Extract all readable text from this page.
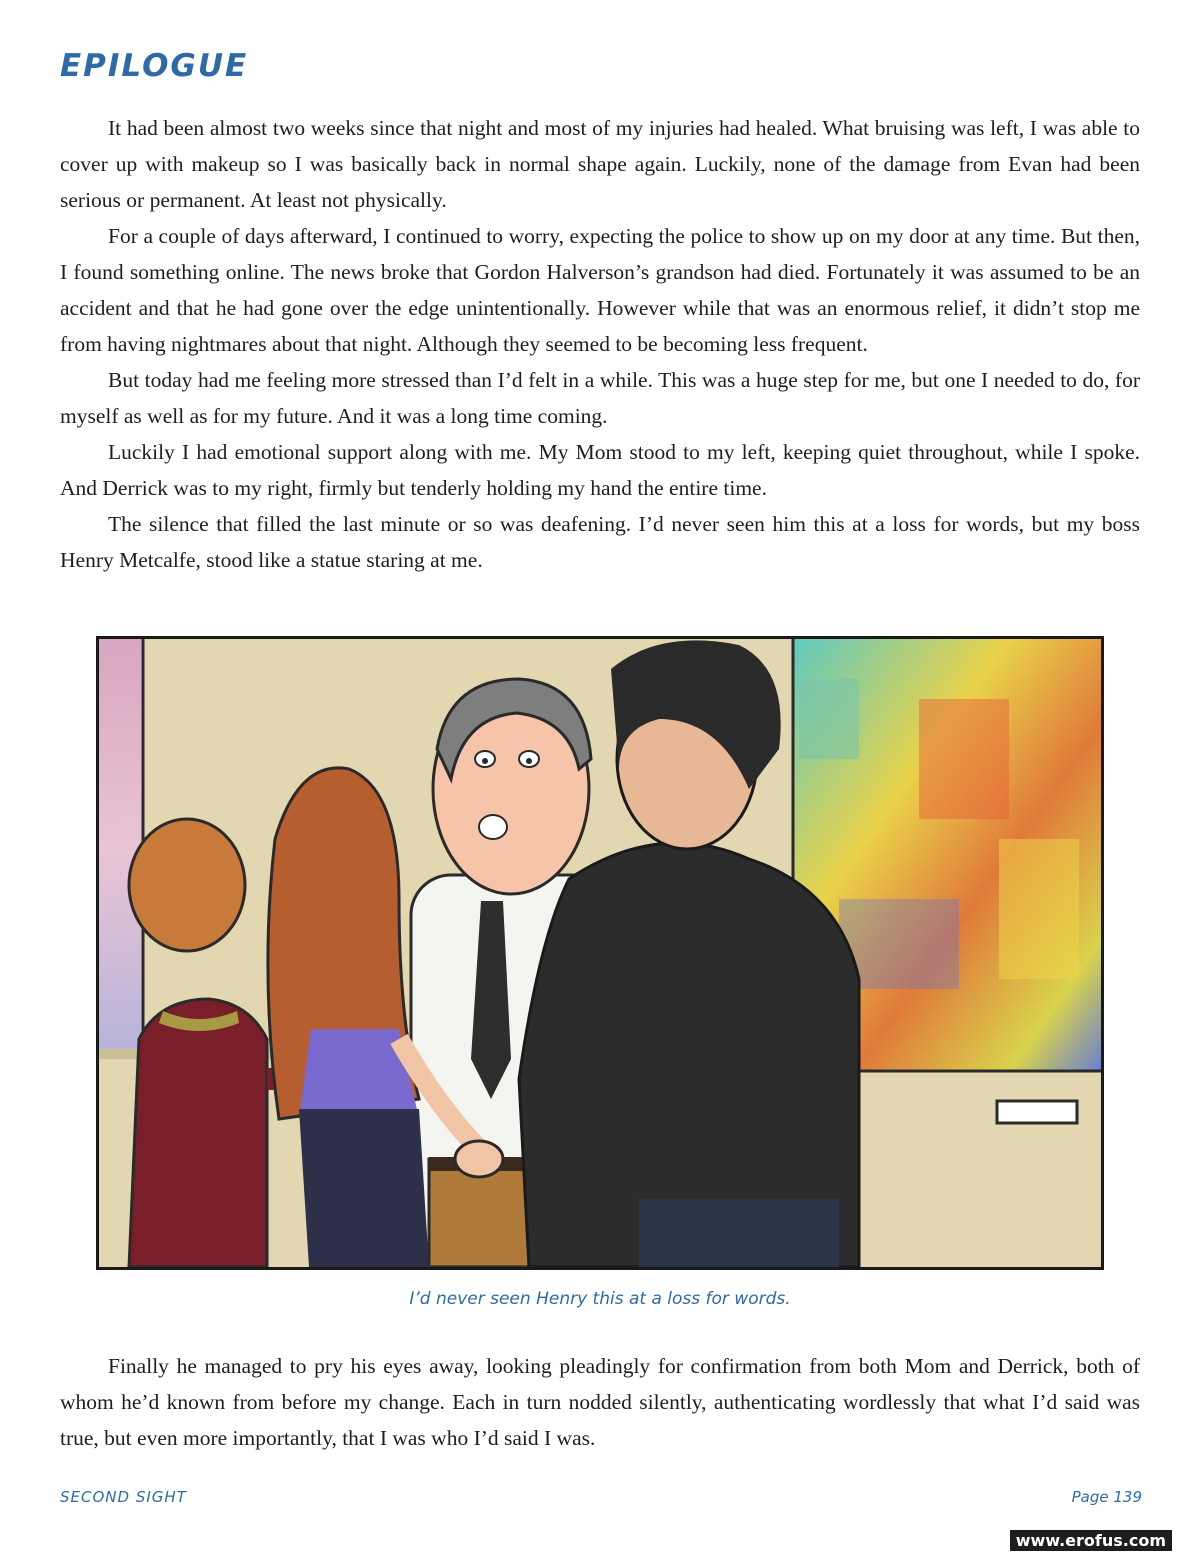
EPILOGUE

It had been almost two weeks since that night and most of my injuries had healed. What bruising was left, I was able to cover up with makeup so I was basically back in normal shape again. Luckily, none of the damage from Evan had been serious or permanent. At least not physically.

For a couple of days afterward, I continued to worry, expecting the police to show up on my door at any time. But then, I found something online. The news broke that Gordon Halverson’s grandson had died. Fortunately it was assumed to be an accident and that he had gone over the edge unintentionally. However while that was an enormous relief, it didn’t stop me from having nightmares about that night. Although they seemed to be becoming less frequent.

But today had me feeling more stressed than I’d felt in a while. This was a huge step for me, but one I needed to do, for myself as well as for my future. And it was a long time coming.

Luckily I had emotional support along with me. My Mom stood to my left, keeping quiet throughout, while I spoke. And Derrick was to my right, firmly but tenderly holding my hand the entire time.

The silence that filled the last minute or so was deafening. I’d never seen him this at a loss for words, but my boss Henry Metcalfe, stood like a statue staring at me.

I’d never seen Henry this at a loss for words.

Finally he managed to pry his eyes away, looking pleadingly for confirmation from both Mom and Derrick, both of whom he’d known from before my change. Each in turn nodded silently, authenticating wordlessly that what I’d said was true, but even more importantly, that I was who I’d said I was.

SECOND SIGHT	Page 139
www.erofus.com
